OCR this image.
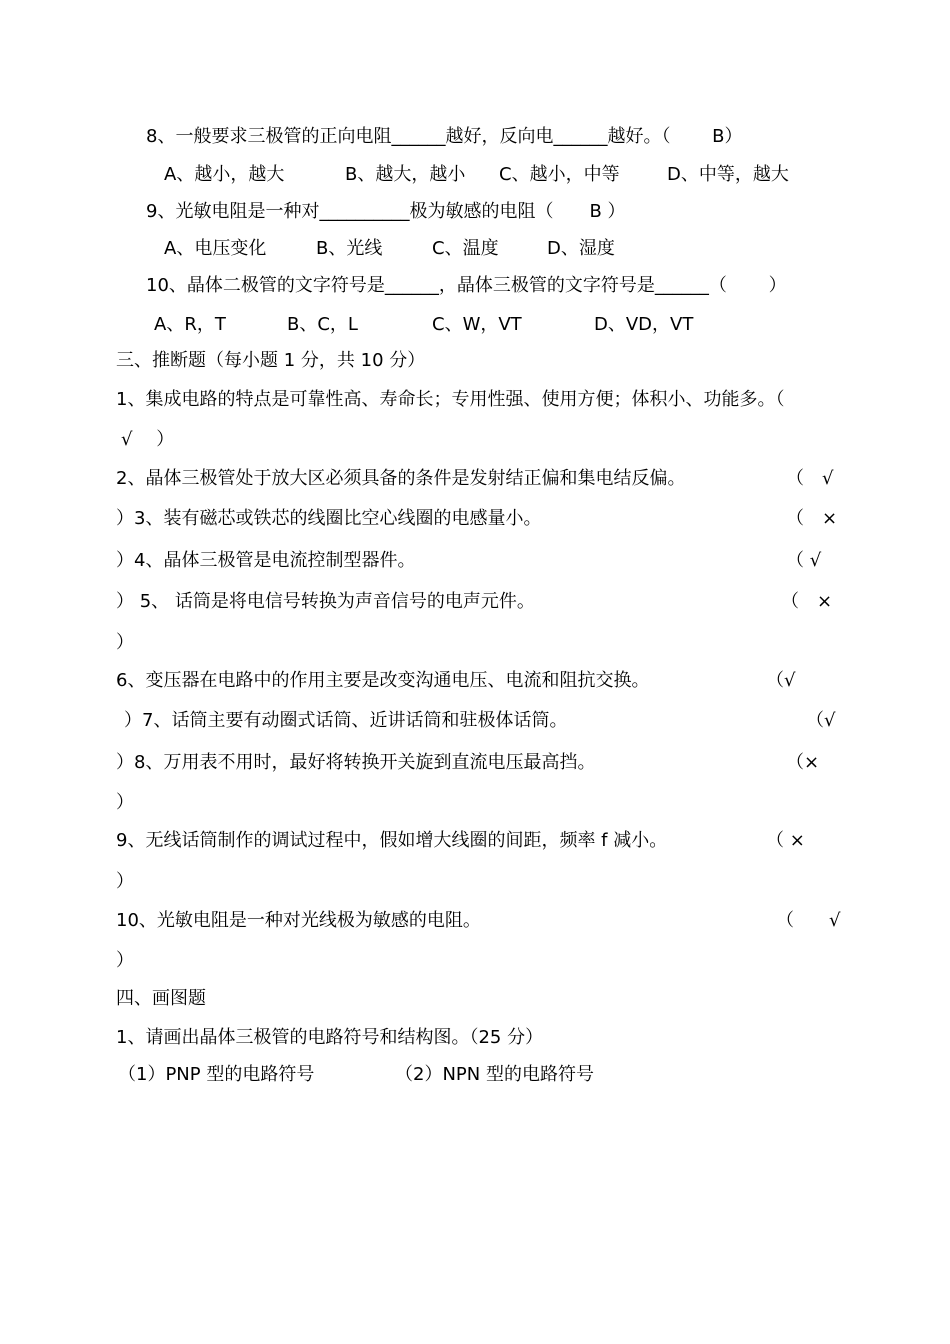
8、一般要求三极管的正向电阻______越好，反向电______越好。（　　 B）
A、越小，越大	B、越大，越小 C、越小，中等	D、中等，越大
9、光敏电阻是一种对__________极为敏感的电阻（　　B ）
A、电压变化	B、光线	C、温度	D、湿度
10、晶体二极管的文字符号是______，晶体三极管的文字符号是______（　　 ）
A、R，T	B、C，L	C、W，VT	D、VD，VT
三、推断题（每小题 1 分，共 10 分）
1、集成电路的特点是可靠性高、寿命长；专用性强、使用方便；体积小、功能多。（
√　 ）
2、晶体三极管处于放大区必须具备的条件是发射结正偏和集电结反偏。	（　√
）3、装有磁芯或铁芯的线圈比空心线圈的电感量小。	（　×
）4、晶体三极管是电流控制型器件。	（ √
） 5、 话筒是将电信号转换为声音信号的电声元件。	（　×
）
6、变压器在电路中的作用主要是改变沟通电压、电流和阻抗交换。	（√
）7、话筒主要有动圈式话筒、近讲话筒和驻极体话筒。	（√
）8、万用表不用时，最好将转换开关旋到直流电压最高挡。	（×
）
9、无线话筒制作的调试过程中，假如增大线圈的间距，频率 f 减小。	（ ×
）
10、光敏电阻是一种对光线极为敏感的电阻。	（ √
）
四、画图题
1、请画出晶体三极管的电路符号和结构图。（25 分）
（1）PNP 型的电路符号	（2）NPN 型的电路符号
